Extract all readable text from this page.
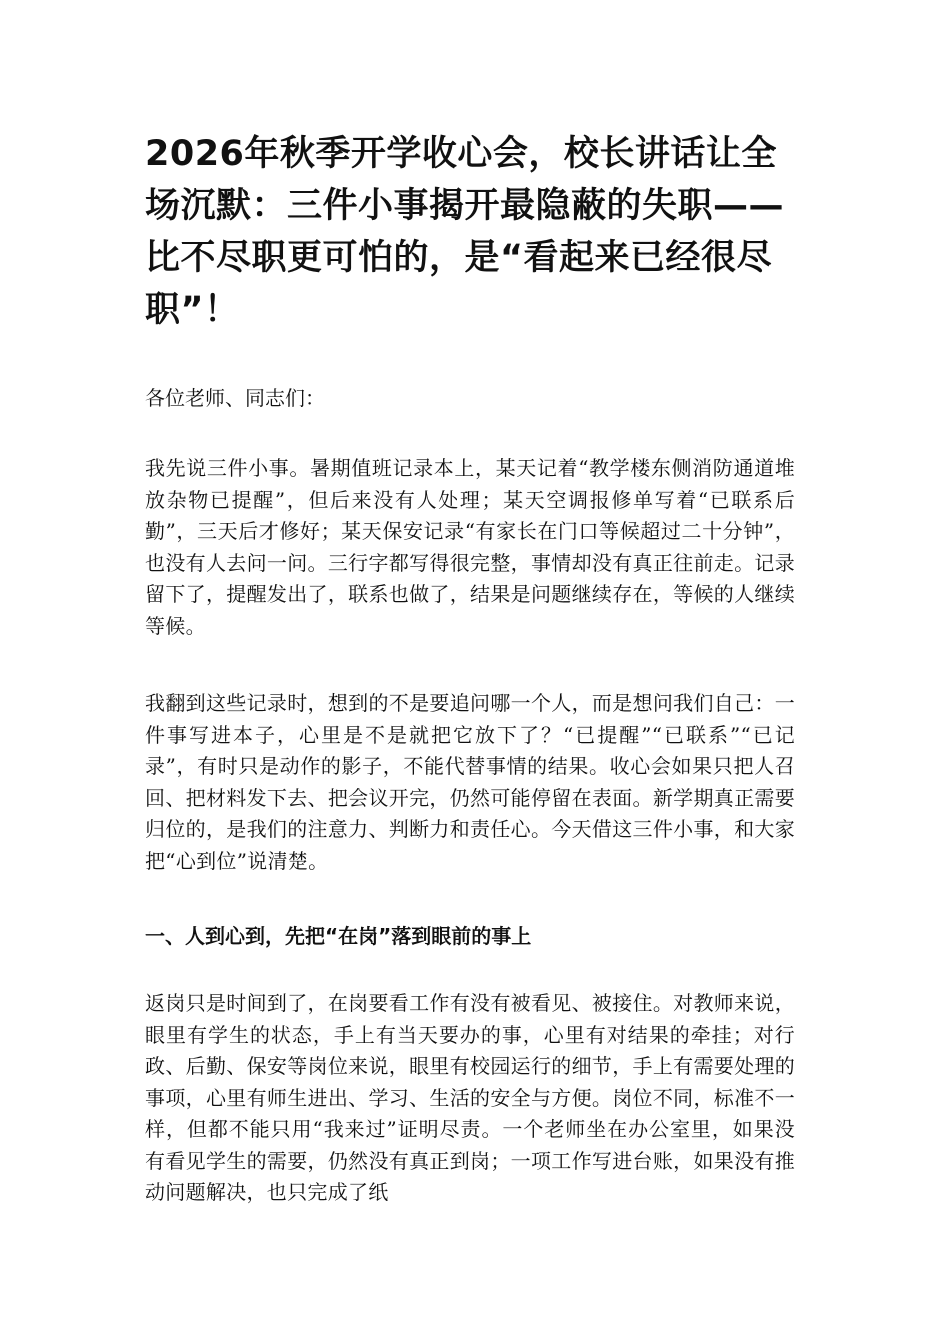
2026年秋季开学收心会，校长讲话让全场沉默：三件小事揭开最隐蔽的失职——比不尽职更可怕的，是“看起来已经很尽职”！

各位老师、同志们：

我先说三件小事。暑期值班记录本上，某天记着“教学楼东侧消防通道堆放杂物已提醒”，但后来没有人处理；某天空调报修单写着“已联系后勤”，三天后才修好；某天保安记录“有家长在门口等候超过二十分钟”，也没有人去问一问。三行字都写得很完整，事情却没有真正往前走。记录留下了，提醒发出了，联系也做了，结果是问题继续存在，等候的人继续等候。

我翻到这些记录时，想到的不是要追问哪一个人，而是想问我们自己：一件事写进本子，心里是不是就把它放下了？“已提醒”“已联系”“已记录”，有时只是动作的影子，不能代替事情的结果。收心会如果只把人召回、把材料发下去、把会议开完，仍然可能停留在表面。新学期真正需要归位的，是我们的注意力、判断力和责任心。今天借这三件小事，和大家把“心到位”说清楚。

一、人到心到，先把“在岗”落到眼前的事上

返岗只是时间到了，在岗要看工作有没有被看见、被接住。对教师来说，眼里有学生的状态，手上有当天要办的事，心里有对结果的牵挂；对行政、后勤、保安等岗位来说，眼里有校园运行的细节，手上有需要处理的事项，心里有师生进出、学习、生活的安全与方便。岗位不同，标准不一样，但都不能只用“我来过”证明尽责。一个老师坐在办公室里，如果没有看见学生的需要，仍然没有真正到岗；一项工作写进台账，如果没有推动问题解决，也只完成了纸
